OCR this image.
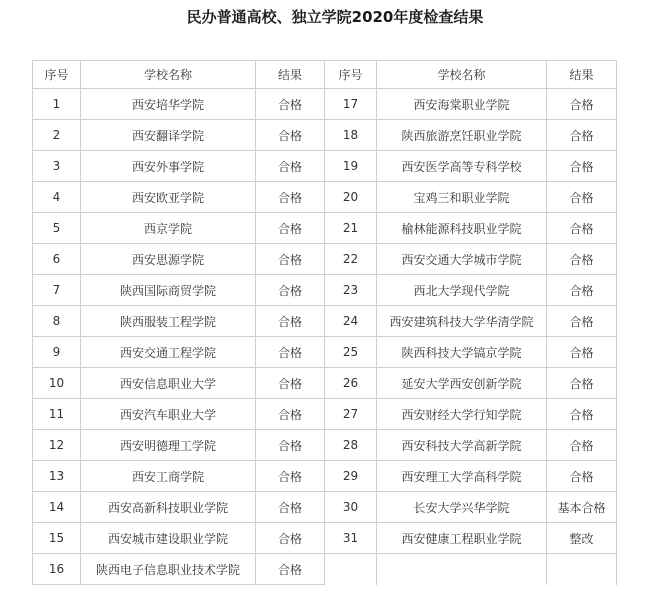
民办普通高校、独立学院2020年度检查结果
序号	学校名称	结果	序号	学校名称	结果
1	西安培华学院	合格	17	西安海棠职业学院	合格
2	西安翻译学院	合格	18	陕西旅游烹饪职业学院	合格
3	西安外事学院	合格	19	西安医学高等专科学校	合格
4	西安欧亚学院	合格	20	宝鸡三和职业学院	合格
5	西京学院	合格	21	榆林能源科技职业学院	合格
6	西安思源学院	合格	22	西安交通大学城市学院	合格
7	陕西国际商贸学院	合格	23	西北大学现代学院	合格
8	陕西服装工程学院	合格	24	西安建筑科技大学华清学院	合格
9	西安交通工程学院	合格	25	陕西科技大学镐京学院	合格
10	西安信息职业大学	合格	26	延安大学西安创新学院	合格
11	西安汽车职业大学	合格	27	西安财经大学行知学院	合格
12	西安明德理工学院	合格	28	西安科技大学高新学院	合格
13	西安工商学院	合格	29	西安理工大学高科学院	合格
14	西安高新科技职业学院	合格	30	长安大学兴华学院	基本合格
15	西安城市建设职业学院	合格	31	西安健康工程职业学院	整改
16	陕西电子信息职业技术学院	合格			
